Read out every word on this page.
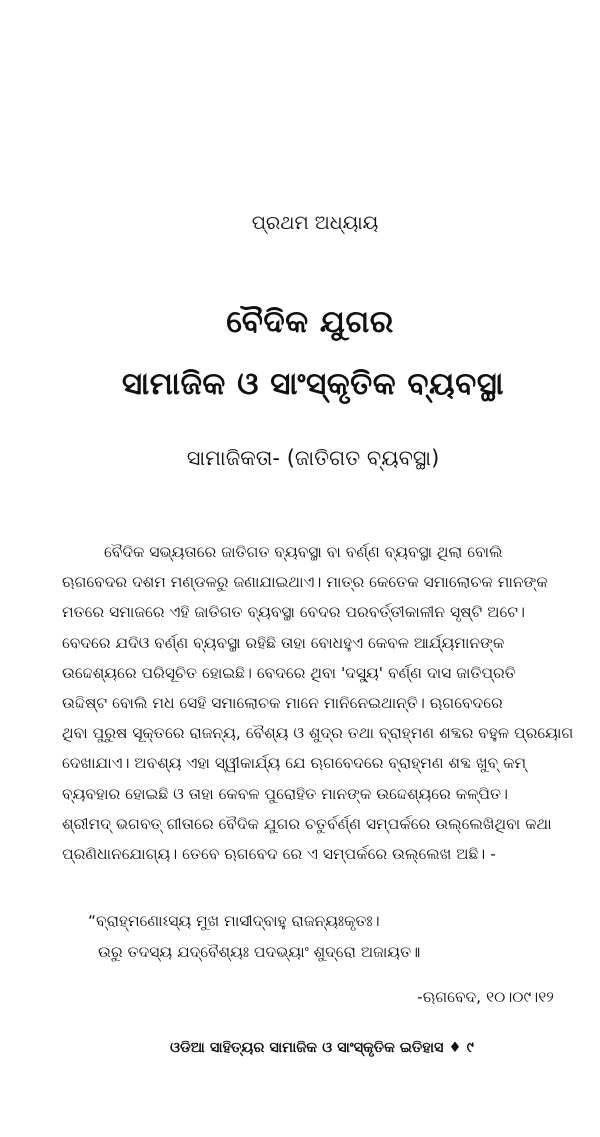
ପ୍ରଥମ ଅଧ୍ୟାୟ

ବୈଦିକ ଯୁଗର
ସାମାଜିକ ଓ ସାଂସ୍କୃତିକ ବ୍ୟବସ୍ଥା
ସାମାଜିକତା- (ଜାତିଗତ ବ୍ୟବସ୍ଥା)
ବୈଦିକ ସଭ୍ୟତାରେ ଜାତିଗତ ବ୍ୟବସ୍ଥା ବା ବର୍ଣ୍ଣ ବ୍ୟବସ୍ଥା ଥିଲା ବୋଲି
ଋଗବେଦର ଦଶମ ମଣ୍ଡଳରୁ ଜଣାଯାଇଥାଏ। ମାତ୍ର କେତେକ ସମାଲୋଚକ ମାନଙ୍କ
ମତରେ ସମାଜରେ ଏହି ଜାତିଗତ ବ୍ୟବସ୍ଥା ବେଦର ପରବର୍ତ୍ତୀକାଳୀନ ସୃଷ୍ଟି ଅଟେ।
ବେଦରେ ଯଦିଓ ବର୍ଣ୍ଣ ବ୍ୟବସ୍ଥା ରହିଛି ତାହା ବୋଧହୁଏ କେବଳ ଆର୍ଯ୍ୟମାନଙ୍କ
ଉଦ୍ଦେଶ୍ୟରେ ପରିସୂଚିତ ହୋଇଛି। ବେଦରେ ଥିବା 'ଦସ୍ୟୁ' ବର୍ଣ୍ଣ ଦାସ ଜାତିପ୍ରତି
ଉଦ୍ଦିଷ୍ଟ ବୋଲି ମଧ ସେହି ସମାଲୋଚକ ମାନେ ମାନିନେଇଥାନ୍ତି। ଋଗବେଦରେ
ଥିବା ପୁରୁଷ ସୂକ୍ତରେ ରାଜନ୍ୟ, ବୈଶ୍ୟ ଓ ଶୁଦ୍ର ତଥା ବ୍ରାହ୍ମଣ ଶବ୍ଦର ବହୁଳ ପ୍ରୟୋଗ
ଦେଖାଯାଏ। ଅବଶ୍ୟ ଏହା ସ୍ୱୀକାର୍ଯ୍ୟ ଯେ ଋଗବେଦରେ ବ୍ରାହ୍ମଣ ଶବ୍ଦ ଖୁବ୍ କମ୍
ବ୍ୟବହାର ହୋଇଛି ଓ ତାହା କେବଳ ପୁରୋହିତ ମାନଙ୍କ ଉଦ୍ଦେଶ୍ୟରେ କଳ୍ପିତ।
ଶ୍ରୀମଦ୍ ଭଗବତ୍ ଗୀତାରେ ବୈଦିକ ଯୁଗର ଚତୁର୍ବର୍ଣ୍ଣ ସମ୍ପର୍କରେ ଉଲ୍ଲେଖିଥିବା କଥା
ପ୍ରଣିଧାନଯୋଗ୍ୟ। ତେବେ ଋଗବେଦ ରେ ଏ ସମ୍ପର୍କରେ ଉଲ୍ଲେଖ ଅଛି। -
“ବ୍ରାହ୍ମଣୋଽସ୍ୟ ମୁଖ ମାସୀଦ୍‌ବାହୁ ରାଜନ୍ୟଃକୃତଃ।
ଉରୁ ତଦସ୍ୟ ଯଦ୍‌ବୈଶ୍ୟଃ ପଦଭ୍ୟାଂ ଶୁଦ୍ରୋ ଅଜାୟତ॥

-ଋଗବେଦ, ୧୦।୦୯।୧୨

ଓଡିଆ ସାହିତ୍ୟର ସାମାଜିକ ଓ ସାଂସ୍କୃତିକ ଇତିହାସ ♦ ୯
